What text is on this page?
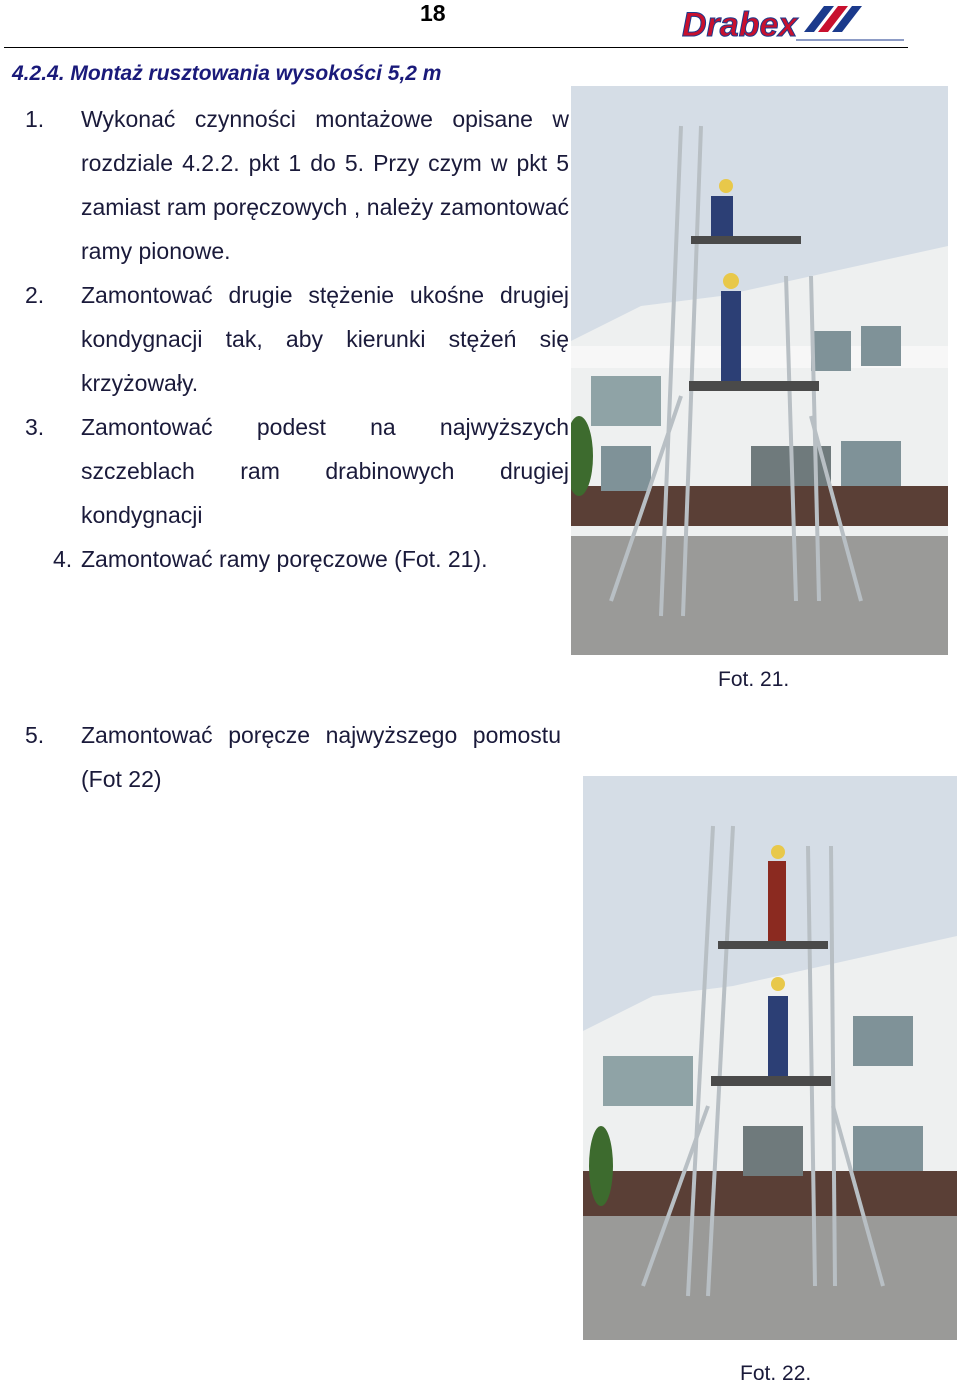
18	Drabex
4.2.4. Montaż rusztowania wysokości 5,2 m
1. Wykonać czynności montażowe opisane w rozdziale 4.2.2. pkt 1 do 5. Przy czym w pkt 5 zamiast ram poręczowych , należy zamontować ramy pionowe.
2. Zamontować drugie stężenie ukośne drugiej kondygnacji tak, aby kierunki stężeń się krzyżowały.
3. Zamontować podest na najwyższych szczeblach ram drabinowych drugiej kondygnacji
4. Zamontować ramy poręczowe (Fot. 21).
Fot. 21.
5. Zamontować poręcze najwyższego pomostu (Fot 22)
Fot. 22.
